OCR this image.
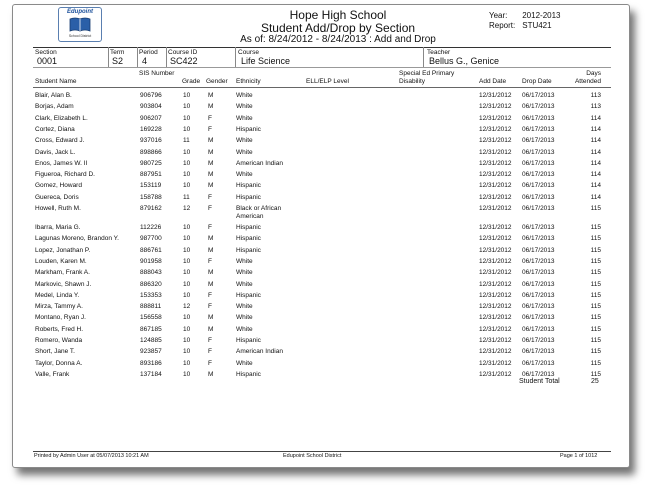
Edupoint
School District
Hope High School
Student Add/Drop by Section
As of: 8/24/2012 - 8/24/2013 : Add and Drop
Year: 2012-2013
Report: STU421
Section
0001
Term
S2
Period
4
Course ID
SC422
Course
Life Science
Teacher
Bellus G., Genice
Student Name
SIS Number
Grade Gender Ethnicity	ELL/ELP Level
Special Ed Primary Disability	Add Date Drop Date
Days Attended
Blair, Alan B.	906796	10	M	White	12/31/2012 06/17/2013	113
Borjas, Adam	903804	10	M	White	12/31/2012 06/17/2013	113
Clark, Elizabeth L.	906207	10	F	White	12/31/2012 06/17/2013	114
Cortez, Diana	169228	10	F	Hispanic	12/31/2012 06/17/2013	114
Cross, Edward J.	937016	11	M	White	12/31/2012 06/17/2013	114
Davis, Jack L.	898866	10	M	White	12/31/2012 06/17/2013	114
Enos, James W. II	980725	10	M	American Indian	12/31/2012 06/17/2013	114
Figueroa, Richard D.	887951	10	M	White	12/31/2012 06/17/2013	114
Gomez, Howard	153119	10	M	Hispanic	12/31/2012 06/17/2013	114
Guereca, Doris	158788	11	F	Hispanic	12/31/2012 06/17/2013	114
Howell, Ruth M.	879162	12	F	Black or African American
12/31/2012 06/17/2013	115
Ibarra, Maria G.	112226	10	F	Hispanic	12/31/2012 06/17/2013	115
Lagunas Moreno, Brandon Y.	987700	10	M	Hispanic	12/31/2012 06/17/2013	115
Lopez, Jonathan P.	886761	10	M	Hispanic	12/31/2012 06/17/2013	115
Louden, Karen M.	901958	10	F	White	12/31/2012 06/17/2013	115
Markham, Frank A.	888043	10	M	White	12/31/2012 06/17/2013	115
Markovic, Shawn J.	886320	10	M	White	12/31/2012 06/17/2013	115
Medel, Linda Y.	153353	10	F	Hispanic	12/31/2012 06/17/2013	115
Mirza, Tammy A.	888811	12	F	White	12/31/2012 06/17/2013	115
Montano, Ryan J.	156558	10	M	White	12/31/2012 06/17/2013	115
Roberts, Fred H.	867185	10	M	White	12/31/2012 06/17/2013	115
Romero, Wanda	124885	10	F	Hispanic	12/31/2012 06/17/2013	115
Short, Jane T.	923857	10	F	American Indian	12/31/2012 06/17/2013	115
Taylor, Donna A.	893186	10	F	White	12/31/2012 06/17/2013	115
Valle, Frank	137184	10	M	Hispanic	12/31/2012 06/17/2013	115
Student Total	25
Printed by Admin User at 05/07/2013 10:21 AM	Edupoint School District	Page 1 of 1012
